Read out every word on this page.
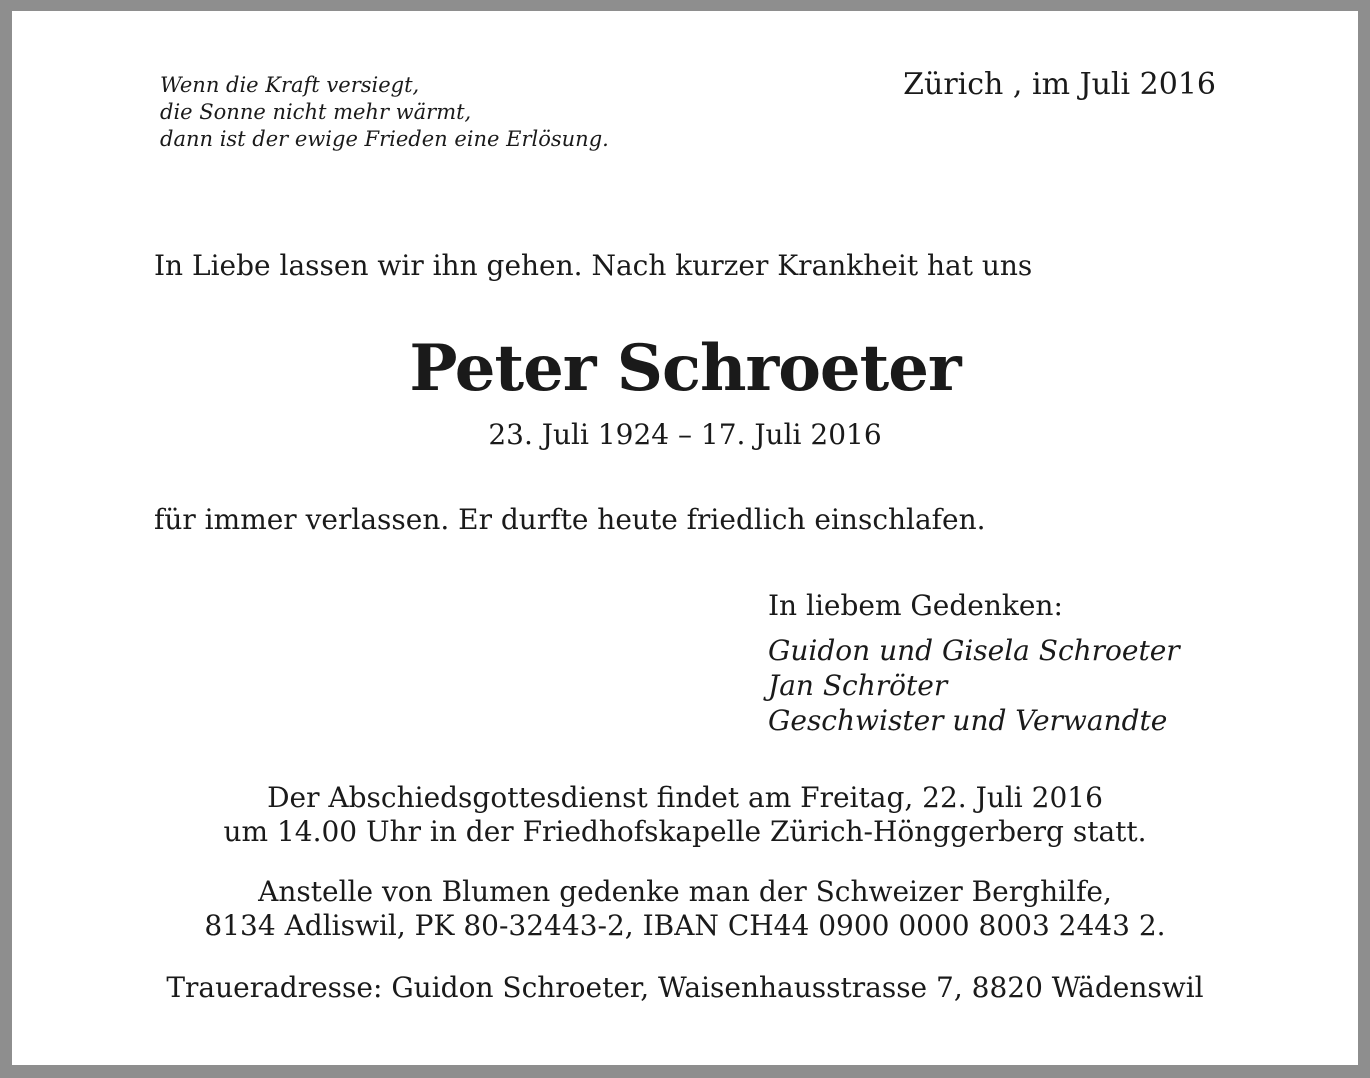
Wenn die Kraft versiegt,
die Sonne nicht mehr wärmt,
dann ist der ewige Frieden eine Erlösung.

Zürich , im Juli 2016

In Liebe lassen wir ihn gehen. Nach kurzer Krankheit hat uns

Peter Schroeter

23. Juli 1924 – 17. Juli 2016

für immer verlassen. Er durfte heute friedlich einschlafen.

In liebem Gedenken:

Guidon und Gisela Schroeter
Jan Schröter
Geschwister und Verwandte
Der Abschiedsgottesdienst findet am Freitag, 22. Juli 2016
um 14.00 Uhr in der Friedhofskapelle Zürich-Hönggerberg statt.
Anstelle von Blumen gedenke man der Schweizer Berghilfe,
8134 Adliswil, PK 80-32443-2, IBAN CH44 0900 0000 8003 2443 2.
Traueradresse: Guidon Schroeter, Waisenhausstrasse 7, 8820 Wädenswil
